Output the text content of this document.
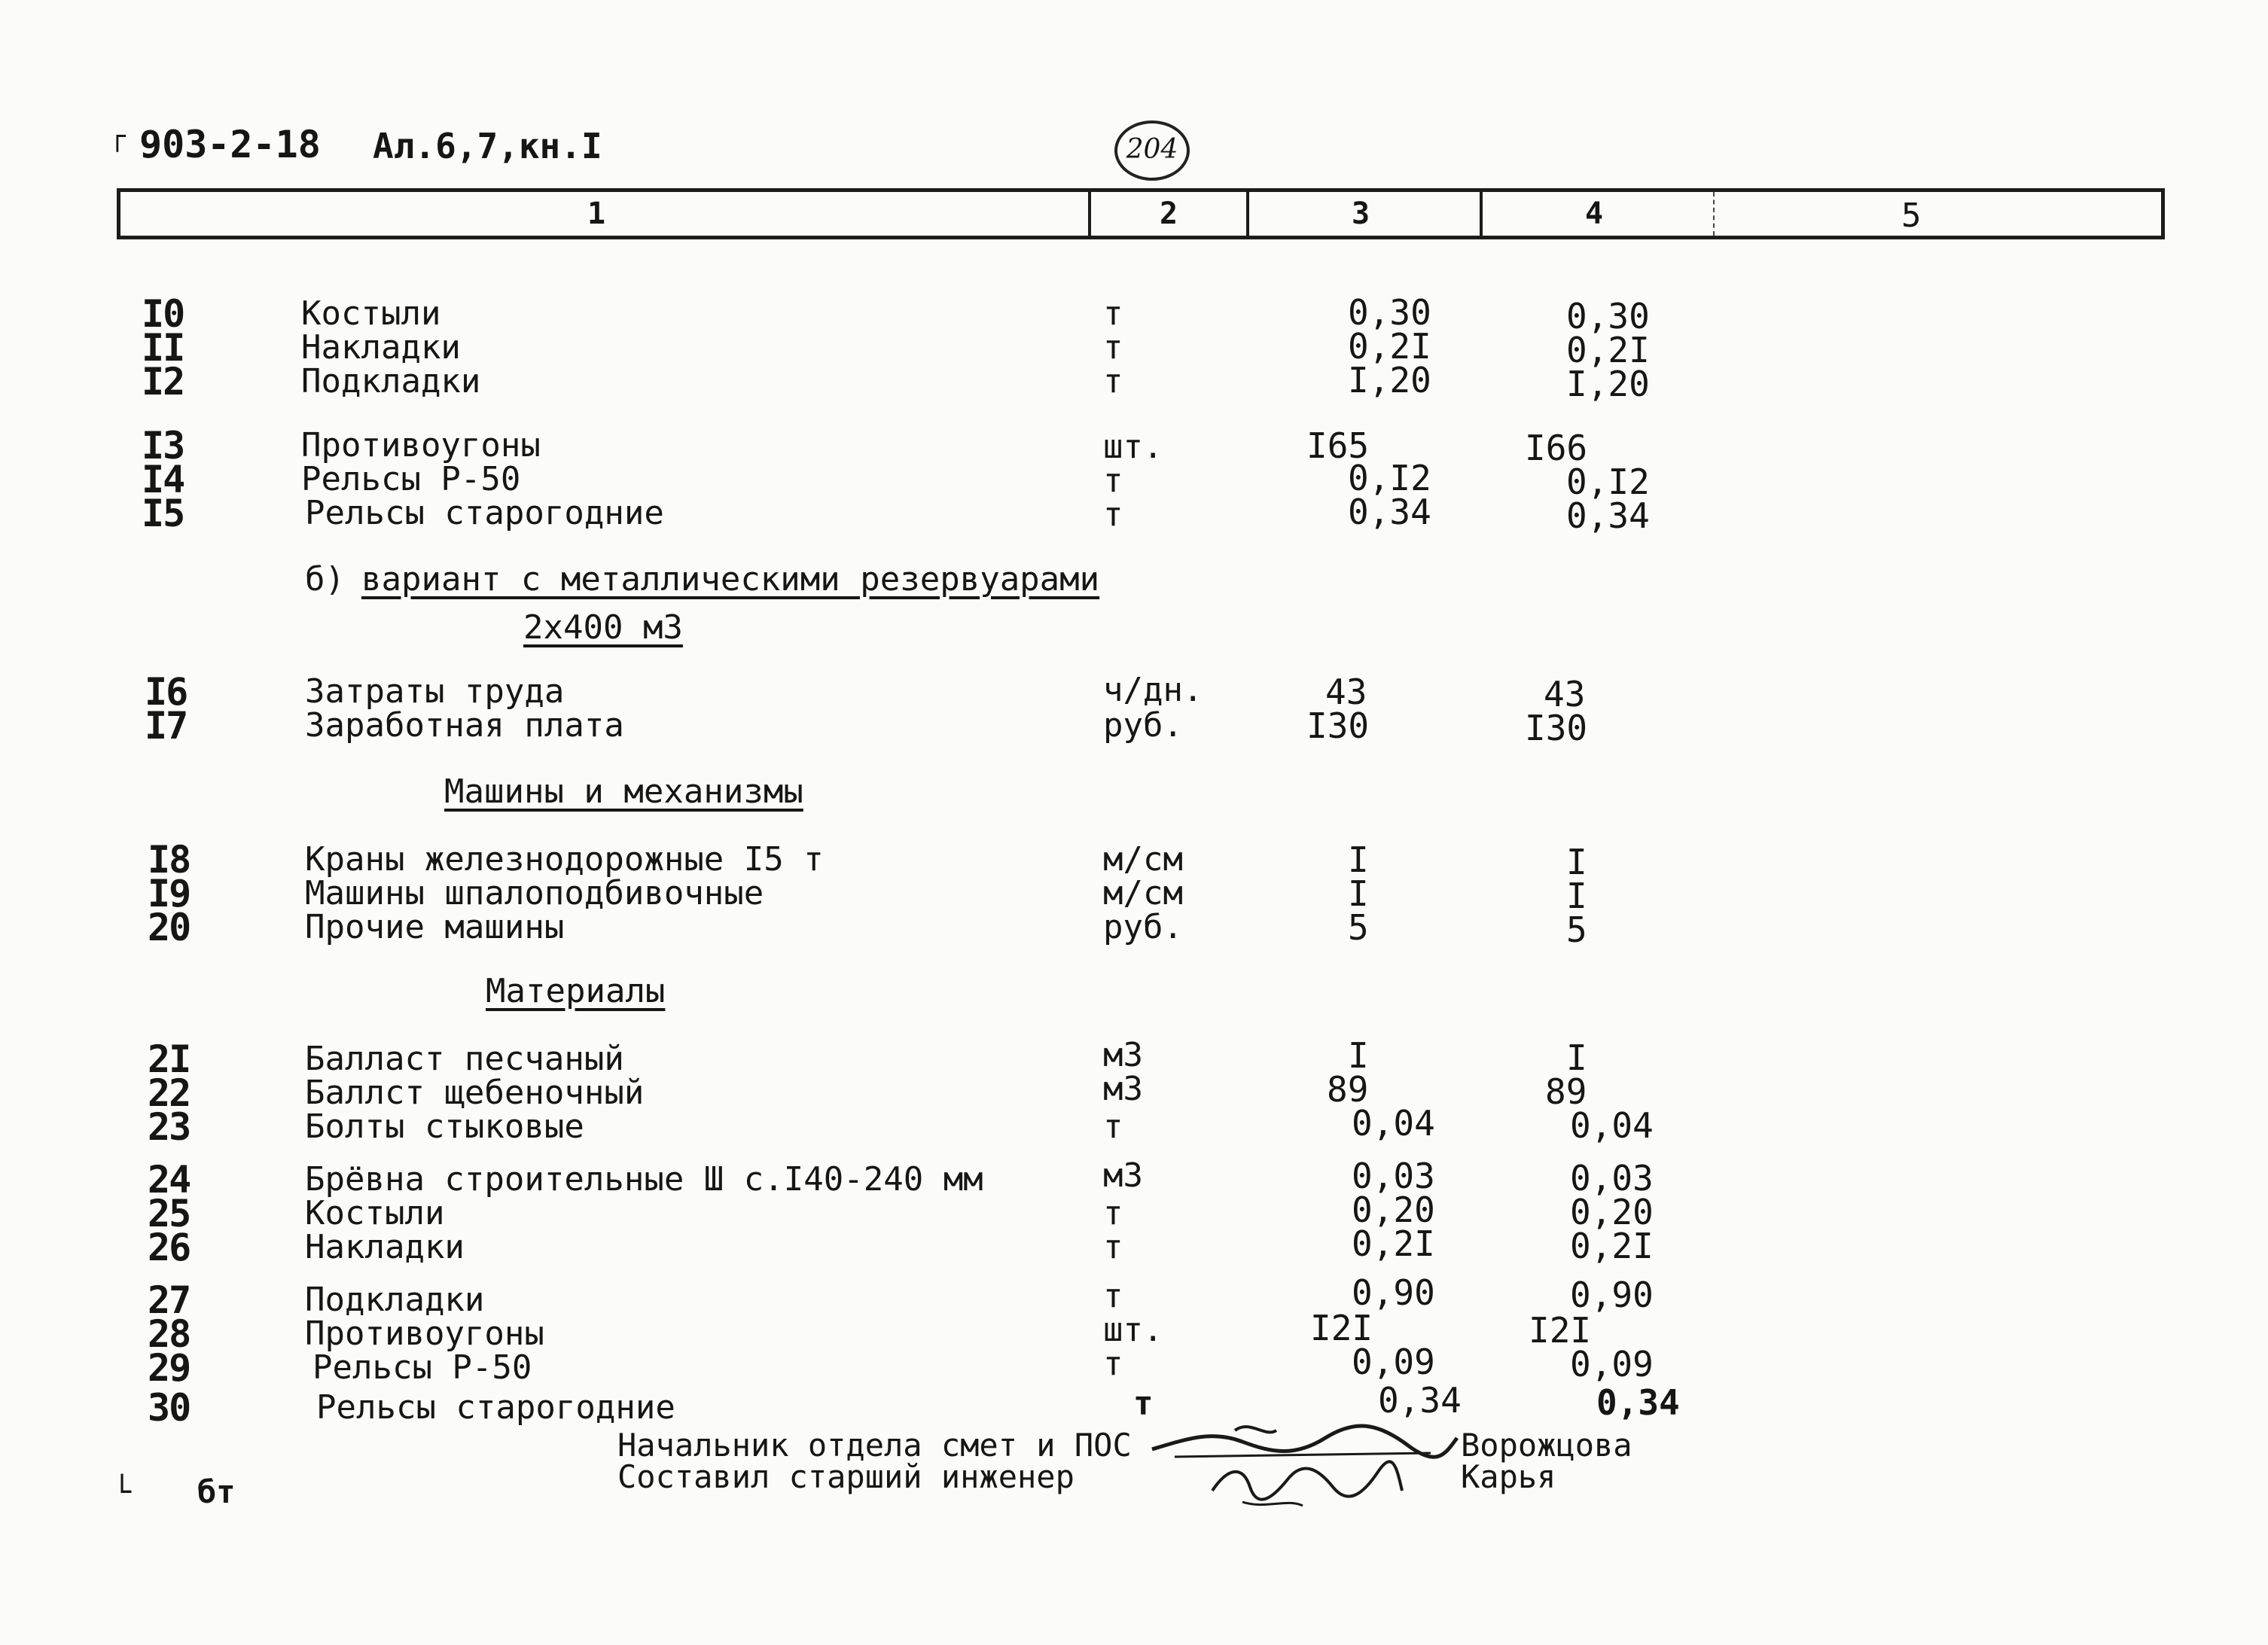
903-2-18 Ал.6,7,кн.I	204
1	2	3	4	5
I0	Костыли	т	0,30	0,30
II	Накладки	т	0,2I	0,2I
I2	Подкладки	т	I,20	I,20
I3	Противоугоны	шт.	I65	I66
I4	Рельсы Р-50	т	0,I2	0,I2
I5	Рельсы старогодние	т	0,34	0,34
б) вариант с металлическими резервуарами
2х400 м3
I6	Затраты труда	ч/дн.	43	43
I7	Заработная плата	руб.	I30	I30
Машины и механизмы
I8	Краны железнодорожные I5 т	м/см	I	I
I9	Машины шпалоподбивочные	м/см	I	I
20	Прочие машины	руб.	5	5
Материалы
2I	Балласт песчаный	м3	I	I
22	Баллст щебеночный	м3	89	89
23	Болты стыковые	т	0,04	0,04
24	Брёвна строительные Ш с.I40-240 мм	м3	0,03	0,03
25	Костыли	т	0,20	0,20
26	Накладки	т	0,2I	0,2I
27	Подкладки	т	0,90	0,90
28	Противоугоны	шт.	I2I	I2I
29	Рельсы Р-50	т	0,09	0,09
30	Рельсы старогодние	т	0,34	0,34
Начальник отдела смет и ПОС	Ворожцова
Составил старший инженер	Карья
└ бт
┌
